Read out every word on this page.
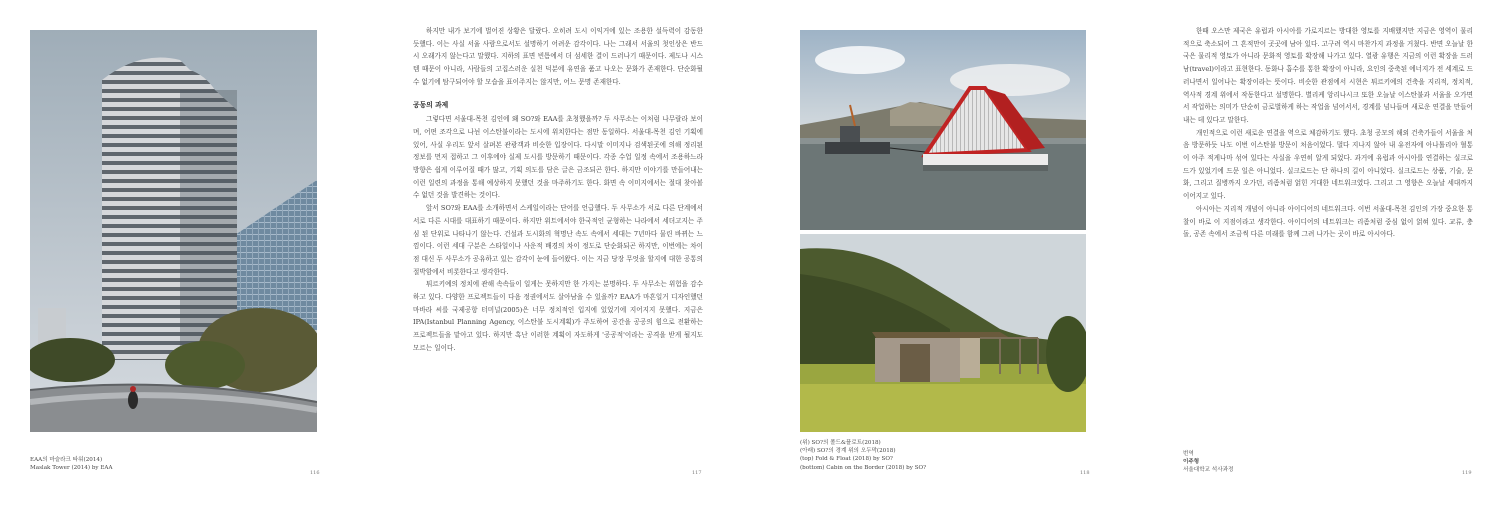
하지만 내가 보기에 벌어진 상황은 달랐다. 오히려 도시 이익거에 있는 조용한 설득력이 감동한 듯했다. 이는 사실 서울 사람으로서도 설명하기 어려운 감각이다. 나는 그래서 서울의 첫인상은 반드시 오래가지 않는다고 말했다. 지하의 표면 빈틈에서 더 섬세한 결이 드러나기 때문이다. 제도나 시스템 때문이 아니라, 사람들의 고집스러운 실천 덕분에 유연을 품고 나오는 문화가 존재한다. 단순화될 수 없기에 탐구되어야 할 모습을 표이주지는 않지만, 어느 문명 존재한다.

공동의 과제

그렇다면 서울대-목천 김인에 왜 SO?와 EAA를 초청했을까? 두 사무소는 이처럼 나무랄라 보이며, 어떤 조각으로 나뉜 이스탄불이라는 도시에 위치한다는 점만 동일하다. 서울대-목천 김인 기획에 있어, 사실 우리도 앞서 살펴본 관광객과 비슷한 입장이다. 다시말 이미지나 검색된곳에 의해 정리된 정보를 먼저 접하고 그 이후에야 실제 도시를 방문하기 때문이다. 각종 수업 일정 속에서 조용하느라 방향은 쉽게 이루어질 때가 많고, 기획 의도를 담은 글은 금조되곤 한다. 하지만 이야기를 만들어내는 이런 일련의 과정을 통해 예상하지 못했던 것을 마주하기도 한다. 화면 속 이미지에서는 절대 찾아볼 수 없던 것을 발견하는 것이다.

앞서 SO?와 EAA를 소개하면서 스케일이라는 단어를 언급했다. 두 사무소가 서로 다른 단계에서 서로 다른 시대를 대표하기 때문이다. 하지만 위트에서야 한국적인 균형하는 나라에서 세더고지는 주심 된 단위로 나타나기 않는다. 건설과 도시화의 혁명난 속도 속에서 세대는 7년마다 물린 바뀌는 느낌이다. 이런 세대 구분은 스타일이나 사운적 배경의 차이 정도로 단순화되곤 하지만, 이번에는 차이점 대신 두 사무소가 공유하고 있는 감각이 눈에 들어왔다. 이는 지금 당장 무엇을 할지에 대한 공통의 절박함에서 비롯한다고 생각한다.

튀르키예의 정치에 관해 속속들이 일게는 못하지만 한 가지는 분명하다. 두 사무소는 위험을 감수하고 있다. 다양한 프로젝트들이 다음 정권에서도 살아남을 수 있을까? EAA가 마흔일거 디자인했던 마바라 씨를 국제공항 터미널(2005)은 너무 정치적인 입지에 있었기에 지어지지 못했다. 지금은 IPA(Istanbul Planning Agency, 이스탄불 도시계획)가 주도하여 공간을 공공의 힘으로 전환하는 프로젝트들을 맡아고 있다. 하지만 혹난 이러한 계획이 자도하게 '공공적'이라는 공격을 받게 될지도 모르는 일이다.

EAA의 마슬라크 타워(2014)
Maslak Tower (2014) by EAA
116	117

한때 오스만 제국은 유럽과 아시아를 가로지르는 방대한 영토를 지배했지만 지금은 영역이 물리적으로 축소되어 그 흔적만이 곳곳에 남아 있다. 고구려 역시 마찬가지 과정을 거쳤다. 반면 오늘날 한국은 물리적 영토가 아니라 문화적 영토를 확장해 나가고 있다. 열광 유행은 지금의 이런 확장을 드러남(travel)이라고 표현한다. 동화나 흡수를 통한 확장이 아니라, 요인의 중축된 에너지가 전 세계로 드러나면서 일어나는 확장이라는 뜻이다. 비슷한 관점에서 시현은 튀르키예의 건축을 지리적, 정치적, 역사적 경계 위에서 작동한다고 설명한다. 별리케 앙리나시크 또한 오늘날 이스탄불과 서울을 오가면서 작업하는 의미가 단순히 금로벌하게 하는 작업을 넘어서서, 경계를 넘나들며 새로운 연결을 만들어내는 데 있다고 말한다.

개인적으로 이런 새로운 연결을 역으로 체감하기도 했다. 초청 공모의 해외 건축가들이 서울을 처음 방문하듯 나도 이번 이스탄불 방문이 처음이었다. 멀다 지나지 않아 내 유전자에 아나톨리아 혈통이 아주 적게나마 섞여 있다는 사실을 우연히 알게 되었다. 과거에 유럽과 아시아를 연결하는 실크로드가 있었기에 드문 일은 아니었다. 실크로드는 단 하나의 길이 아니었다. 실크로드는 상품, 기술, 문화, 그리고 질병까지 오가던, 리좀처럼 얽힌 거대한 네트워크였다. 그리고 그 영향은 오늘날 세대까지 이어지고 있다.

아시아는 지리적 개념이 아니라 아이디어의 네트워크다. 이번 서울대-목천 김인의 가장 중요한 통찰이 바로 이 지점이라고 생각한다. 아이디어의 네트워크는 리좀처럼 중심 없이 얽혀 있다. 교류, 충돌, 공존 속에서 조금씩 다른 미래를 함께 그려 나가는 곳이 바로 아시아다.

(위) SO?의 폴드&플로트(2018)
(아래) SO?의 경계 위의 오두막(2018)
(top) Fold & Float (2018) by SO?
(bottom) Cabin on the Border (2018) by SO?
번역
이주형
서울대학교 석사과정
118	119
